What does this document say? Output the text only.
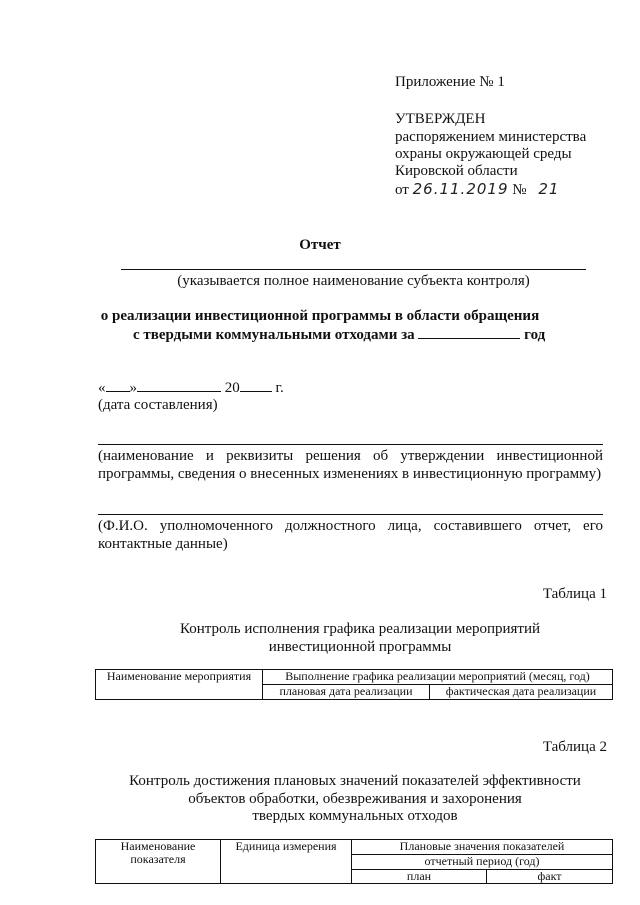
Приложение № 1
УТВЕРЖДЕН
распоряжением министерства
охраны окружающей среды
Кировской области
от 26.11.2019 № 21
Отчет
(указывается полное наименование субъекта контроля)
о реализации инвестиционной программы в области обращения
с твердыми коммунальными отходами за	год
« »	20 г.
(дата составления)
(наименование и реквизиты решения об утверждении инвестиционной
программы, сведения о внесенных изменениях в инвестиционную программу)
(Ф.И.О. уполномоченного должностного лица, составившего отчет, его
контактные данные)
Таблица 1
Контроль исполнения графика реализации мероприятий
инвестиционной программы
Наименование мероприятия	Выполнение графика реализации мероприятий (месяц, год)	
	плановая дата реализации	фактическая дата реализации
Таблица 2
Контроль достижения плановых значений показателей эффективности
объектов обработки, обезвреживания и захоронения
твердых коммунальных отходов
Наименование показателя	Единица измерения	Плановые значения показателей	
		отчетный период (год)	
		план	факт
